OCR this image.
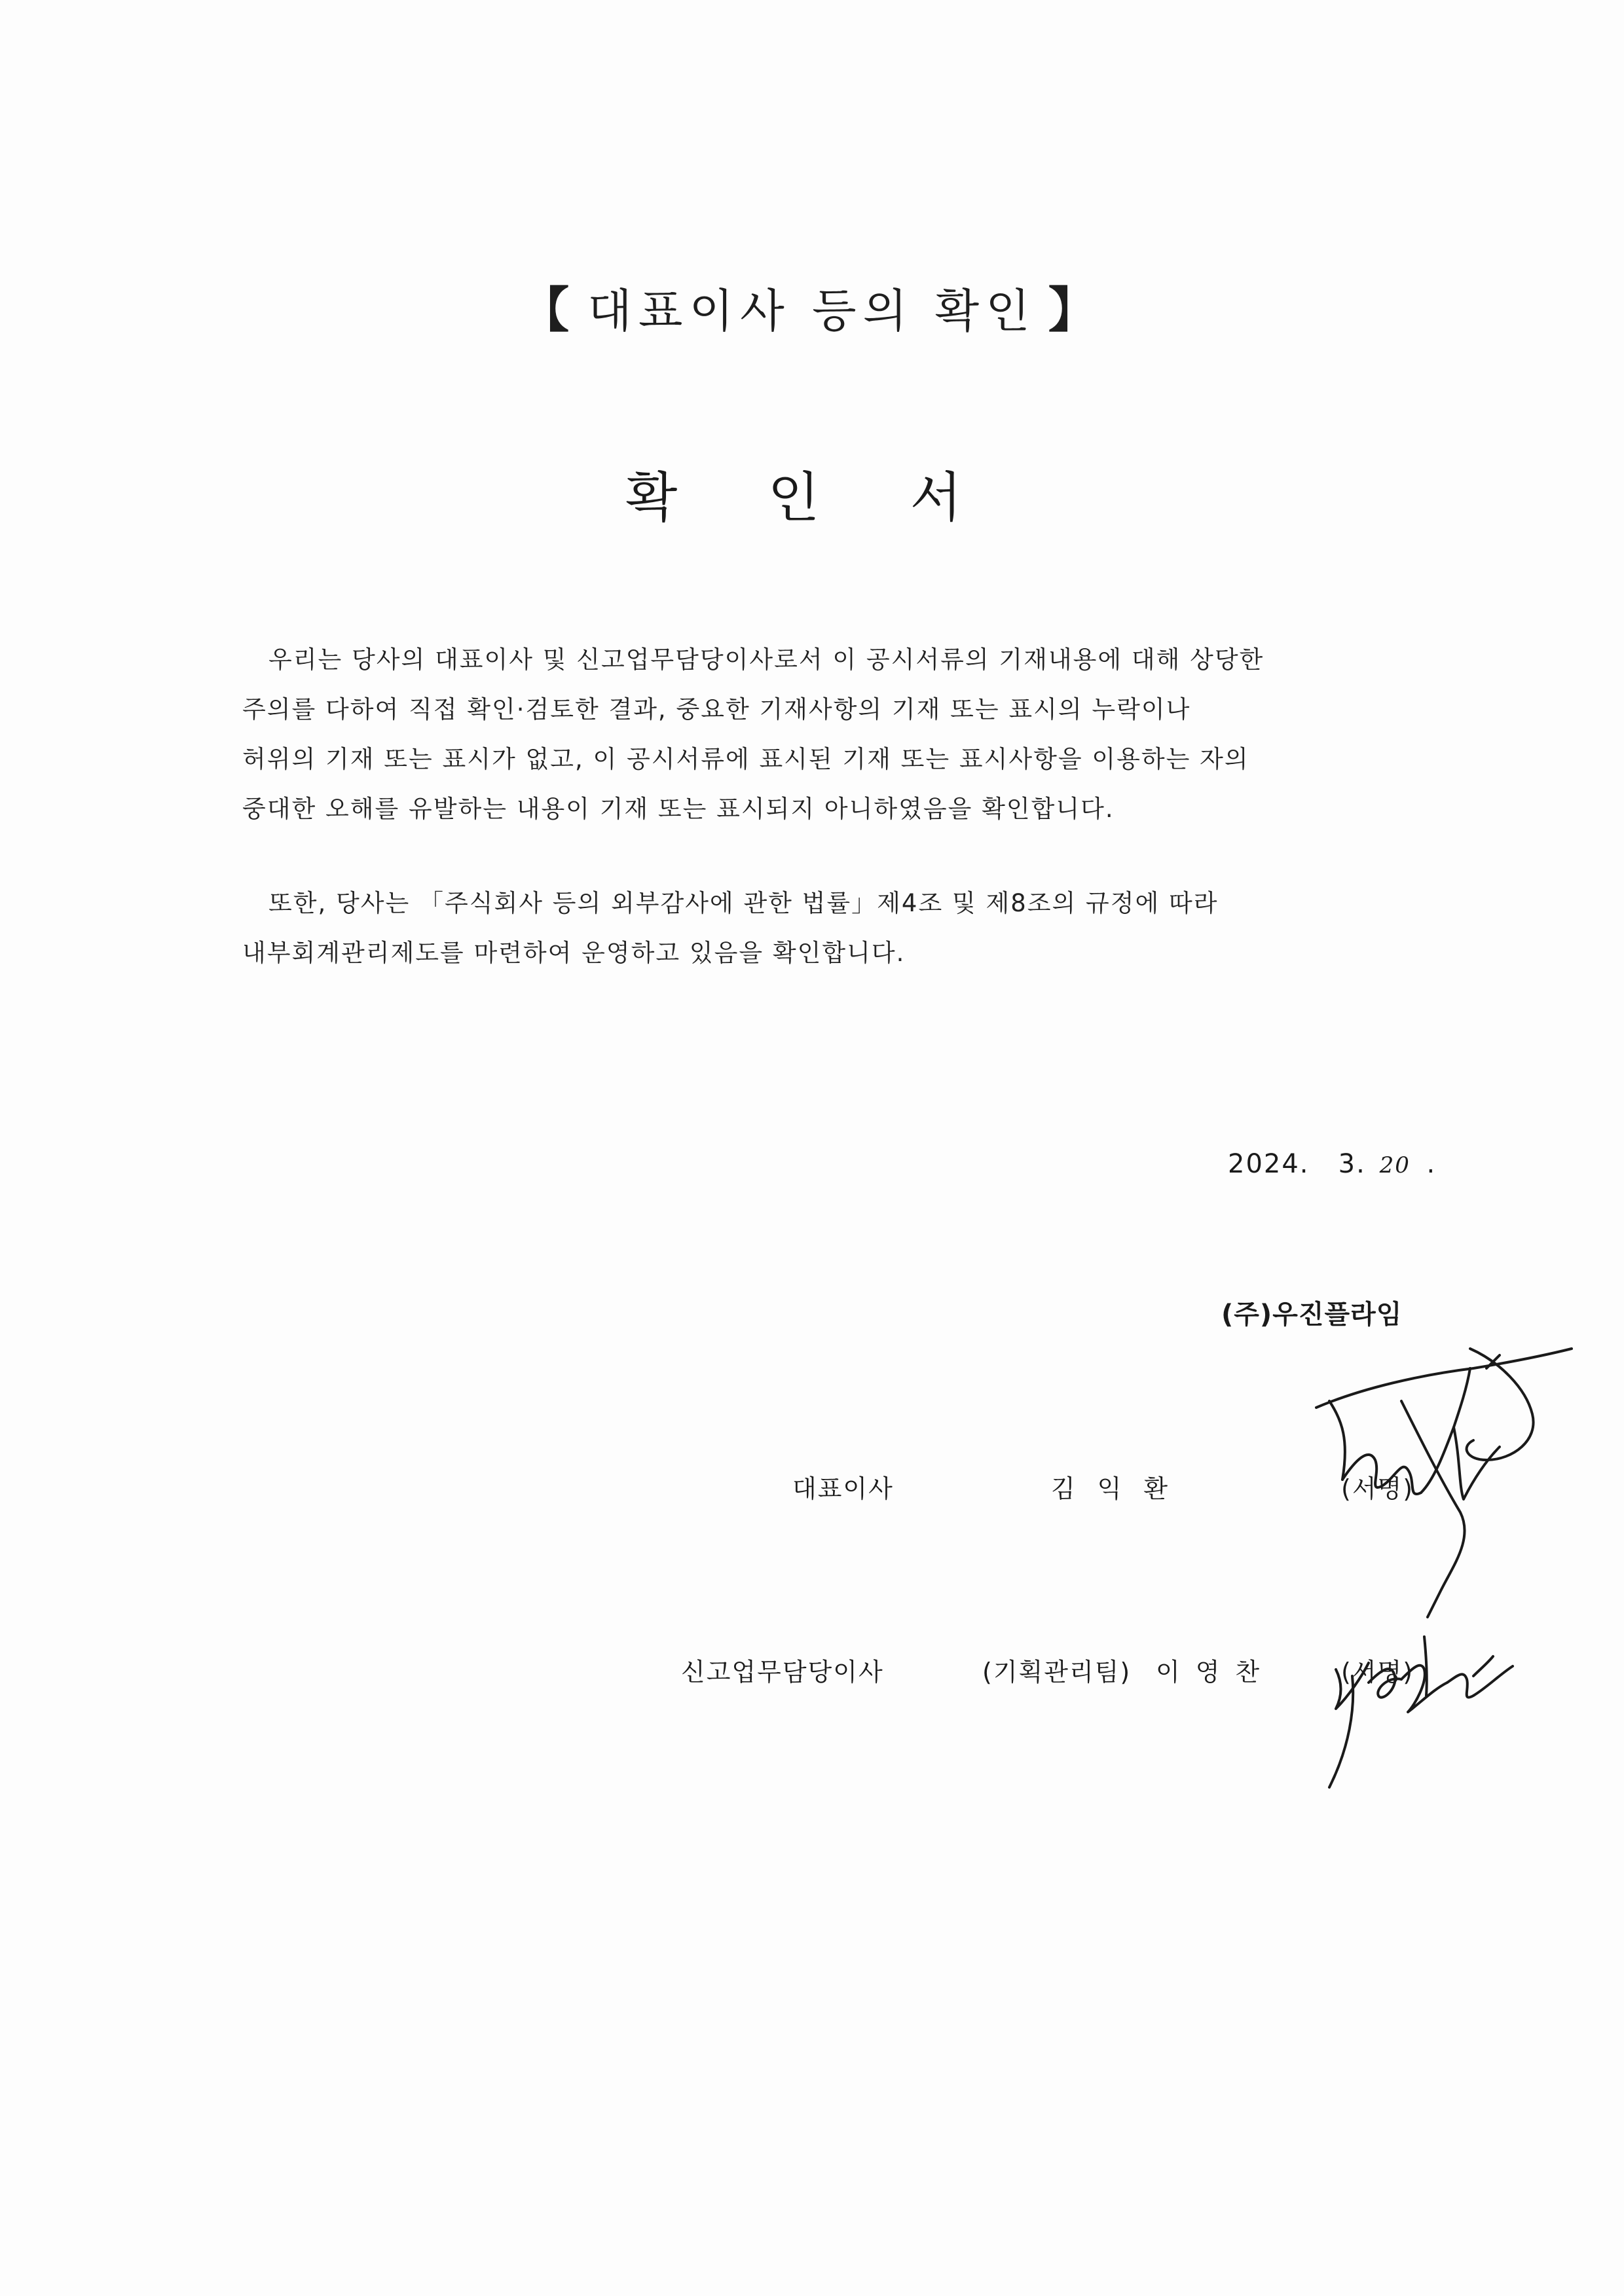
【 대표이사 등의 확인 】
확 인 서
우리는 당사의 대표이사 및 신고업무담당이사로서 이 공시서류의 기재내용에 대해 상당한
주의를 다하여 직접 확인·검토한 결과, 중요한 기재사항의 기재 또는 표시의 누락이나
허위의 기재 또는 표시가 없고, 이 공시서류에 표시된 기재 또는 표시사항을 이용하는 자의
중대한 오해를 유발하는 내용이 기재 또는 표시되지 아니하였음을 확인합니다.
또한, 당사는 「주식회사 등의 외부감사에 관한 법률」제4조 및 제8조의 규정에 따라
내부회계관리제도를 마련하여 운영하고 있음을 확인합니다.
2024. 3. 20 .
(주)우진플라임
대표이사	김익환	(서명)
신고업무담당이사	(기획관리팀) 이영찬	(서명)
